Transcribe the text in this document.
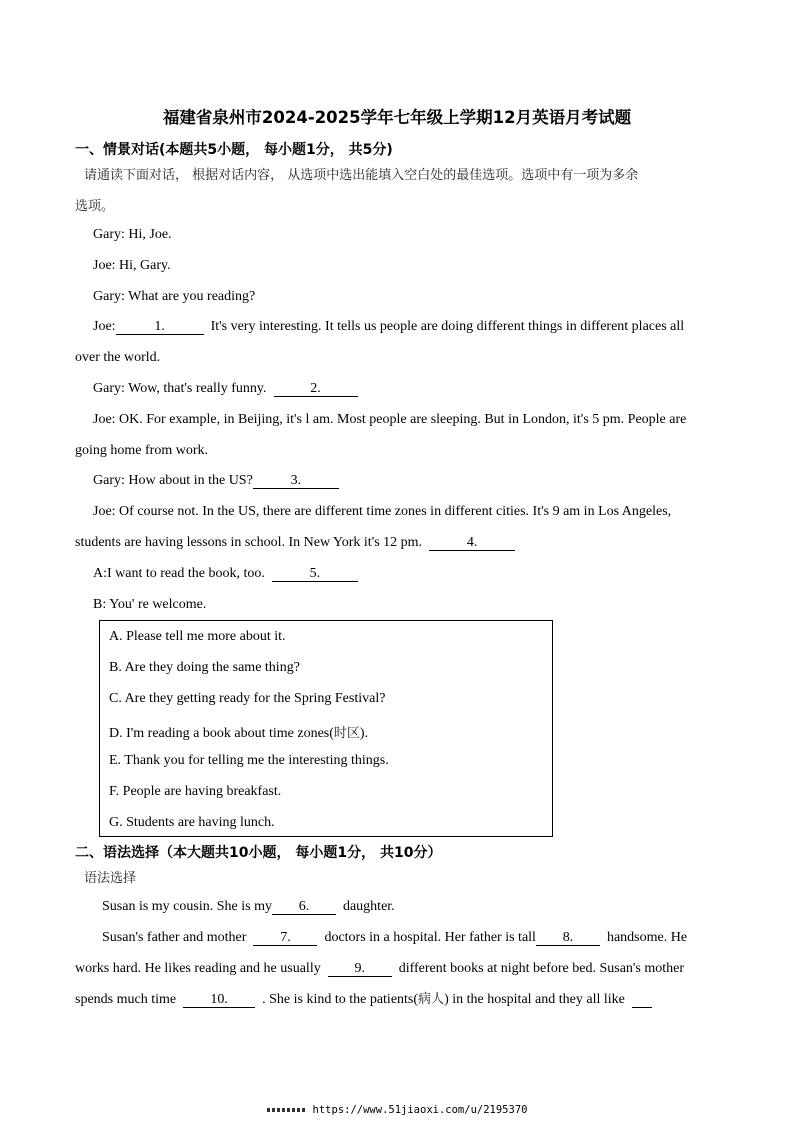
福建省泉州市2024-2025学年七年级上学期12月英语月考试题
一、情景对话(本题共5小题， 每小题1分， 共5分)
请通读下面对话， 根据对话内容， 从选项中选出能填入空白处的最佳选项。选项中有一项为多余
选项。
Gary: Hi, Joe.
Joe: Hi, Gary.
Gary: What are you reading?
Joe:	1.	It's very interesting. It tells us people are doing different things in different places all
over the world.
Gary: Wow, that's really funny.	2.
Joe: OK. For example, in Beijing, it's l am. Most people are sleeping. But in London, it's 5 pm. People are
going home from work.
Gary: How about in the US?	3.
Joe: Of course not. In the US, there are different time zones in different cities. It's 9 am in Los Angeles,
students are having lessons in school. In New York it's 12 pm.	4.
A:I want to read the book, too.	5.
B: You' re welcome.
A. Please tell me more about it.
B. Are they doing the same thing?
C. Are they getting ready for the Spring Festival?
D. I'm reading a book about time zones(时区).
E. Thank you for telling me the interesting things.
F. People are having breakfast.
G. Students are having lunch.
二、语法选择（本大题共10小题， 每小题1分， 共10分）
语法选择
Susan is my cousin. She is my 6. daughter.
Susan's father and mother 7. doctors in a hospital. Her father is tall 8. handsome. He
works hard. He likes reading and he usually 9. different books at night before bed. Susan's mother
spends much time 10. . She is kind to the patients(病人) in the hospital and they all like
https://www.51jiaoxi.com/u/2195370
